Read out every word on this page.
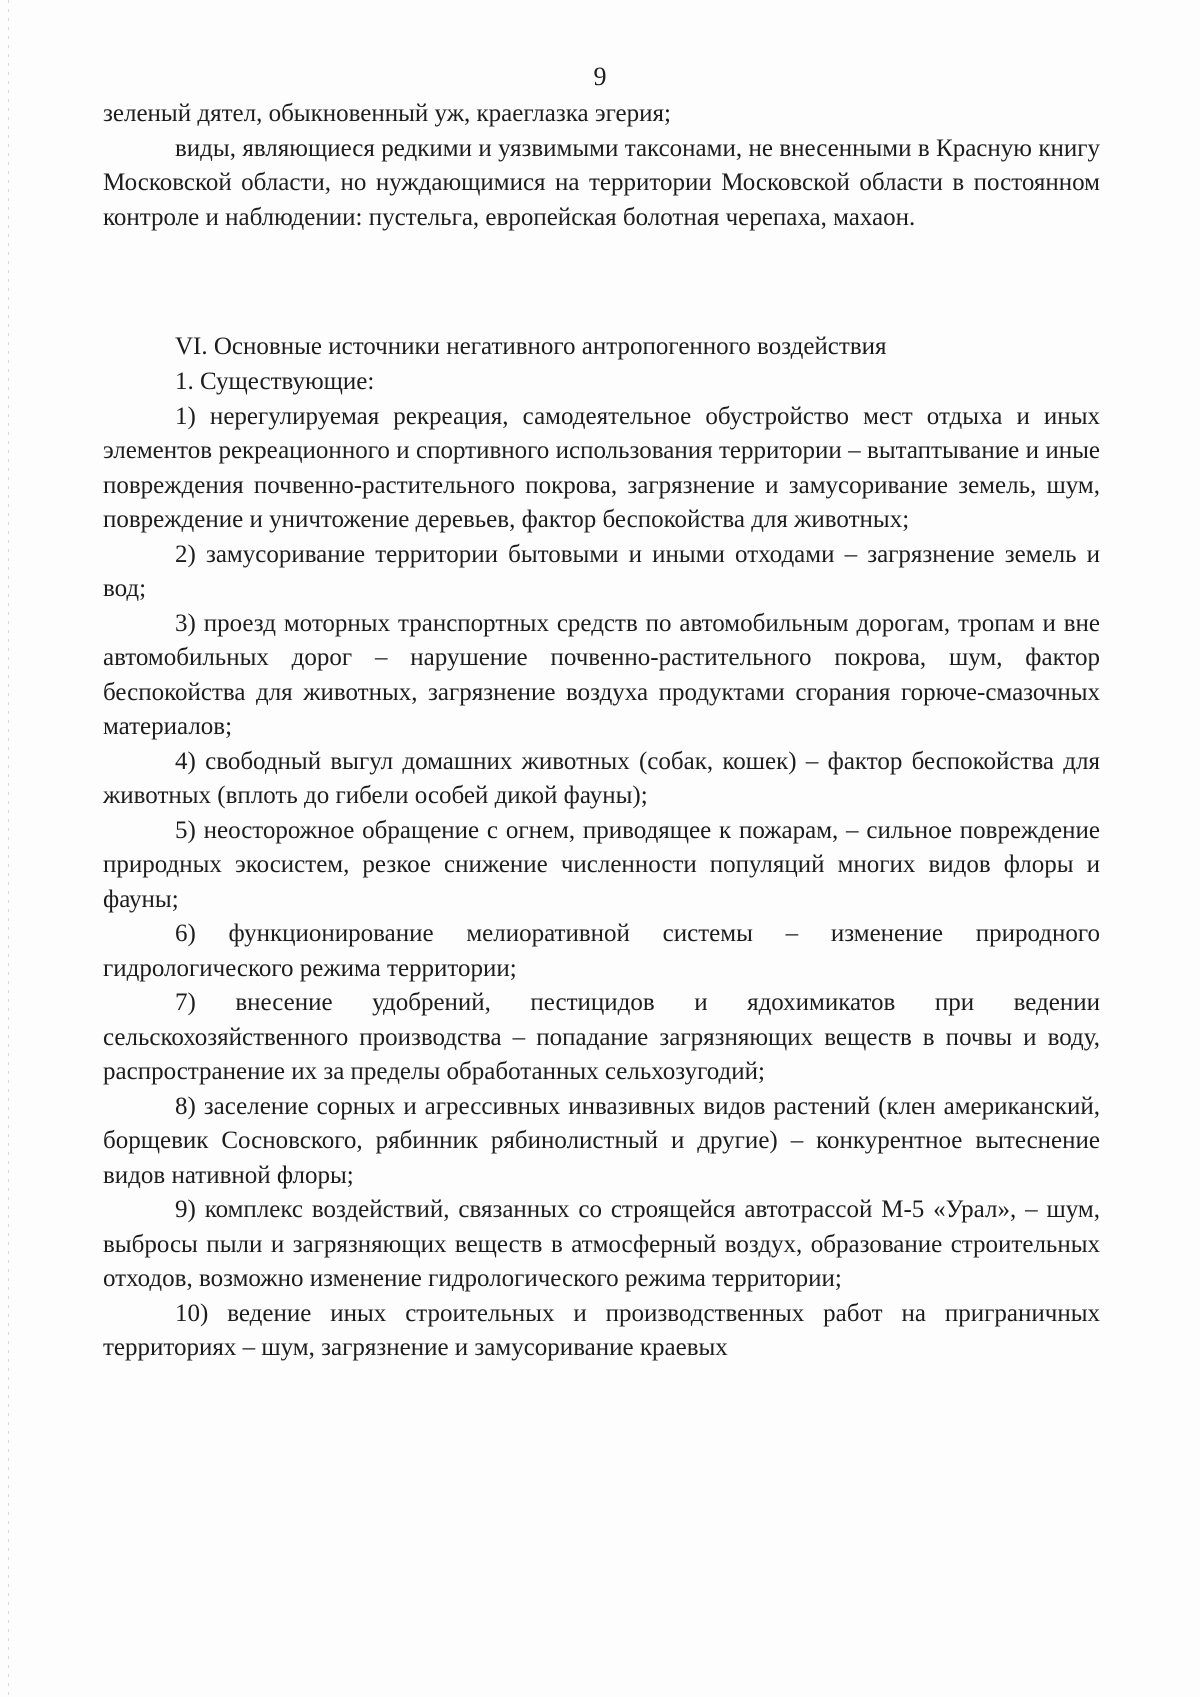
9

зеленый дятел, обыкновенный уж, краеглазка эгерия;

виды, являющиеся редкими и уязвимыми таксонами, не внесенными в Красную книгу Московской области, но нуждающимися на территории Московской области в постоянном контроле и наблюдении: пустельга, европейская болотная черепаха, махаон.

VI. Основные источники негативного антропогенного воздействия

1. Существующие:

1) нерегулируемая рекреация, самодеятельное обустройство мест отдыха и иных элементов рекреационного и спортивного использования территории – вытаптывание и иные повреждения почвенно-растительного покрова, загрязнение и замусоривание земель, шум, повреждение и уничтожение деревьев, фактор беспокойства для животных;

2) замусоривание территории бытовыми и иными отходами – загрязнение земель и вод;

3) проезд моторных транспортных средств по автомобильным дорогам, тропам и вне автомобильных дорог – нарушение почвенно-растительного покрова, шум, фактор беспокойства для животных, загрязнение воздуха продуктами сгорания горюче-смазочных материалов;

4) свободный выгул домашних животных (собак, кошек) – фактор беспокойства для животных (вплоть до гибели особей дикой фауны);

5) неосторожное обращение с огнем, приводящее к пожарам, – сильное повреждение природных экосистем, резкое снижение численности популяций многих видов флоры и фауны;

6) функционирование мелиоративной системы – изменение природного гидрологического режима территории;

7) внесение удобрений, пестицидов и ядохимикатов при ведении сельскохозяйственного производства – попадание загрязняющих веществ в почвы и воду, распространение их за пределы обработанных сельхозугодий;

8) заселение сорных и агрессивных инвазивных видов растений (клен американский, борщевик Сосновского, рябинник рябинолистный и другие) – конкурентное вытеснение видов нативной флоры;

9) комплекс воздействий, связанных со строящейся автотрассой М-5 «Урал», – шум, выбросы пыли и загрязняющих веществ в атмосферный воздух, образование строительных отходов, возможно изменение гидрологического режима территории;

10) ведение иных строительных и производственных работ на приграничных территориях – шум, загрязнение и замусоривание краевых
